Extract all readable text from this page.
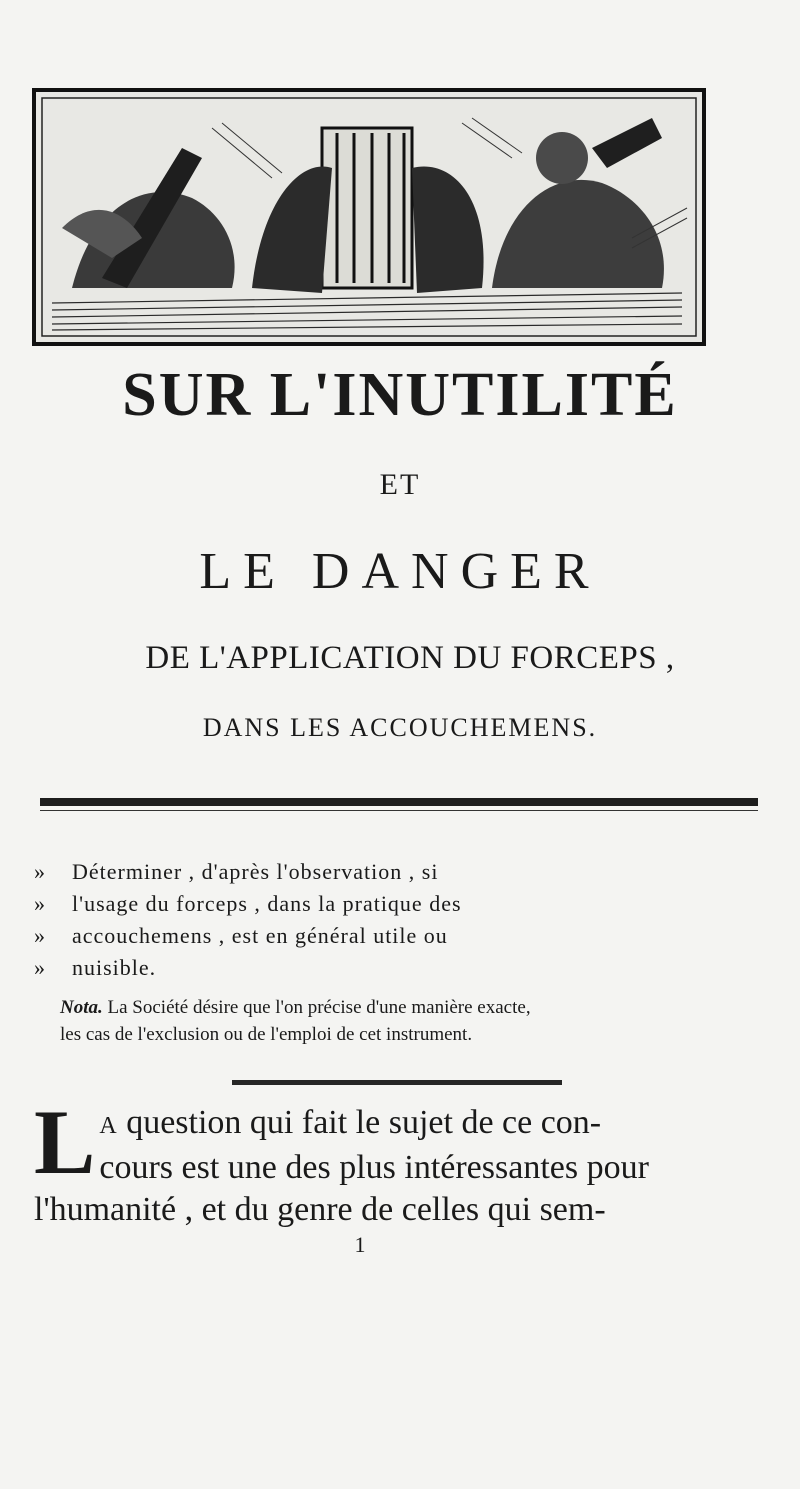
SUR L'INUTILITÉ
ET
LE DANGER
DE L'APPLICATION DU FORCEPS ,
DANS LES ACCOUCHEMENS.
» Déterminer , d'après l'observation , si
» l'usage du forceps , dans la pratique des
» accouchemens , est en général utile ou
» nuisible.
Nota. La Société désire que l'on précise d'une manière exacte,
les cas de l'exclusion ou de l'emploi de cet instrument.
L A question qui fait le sujet de ce con-
cours est une des plus intéressantes pour
l'humanité , et du genre de celles qui sem-
1
